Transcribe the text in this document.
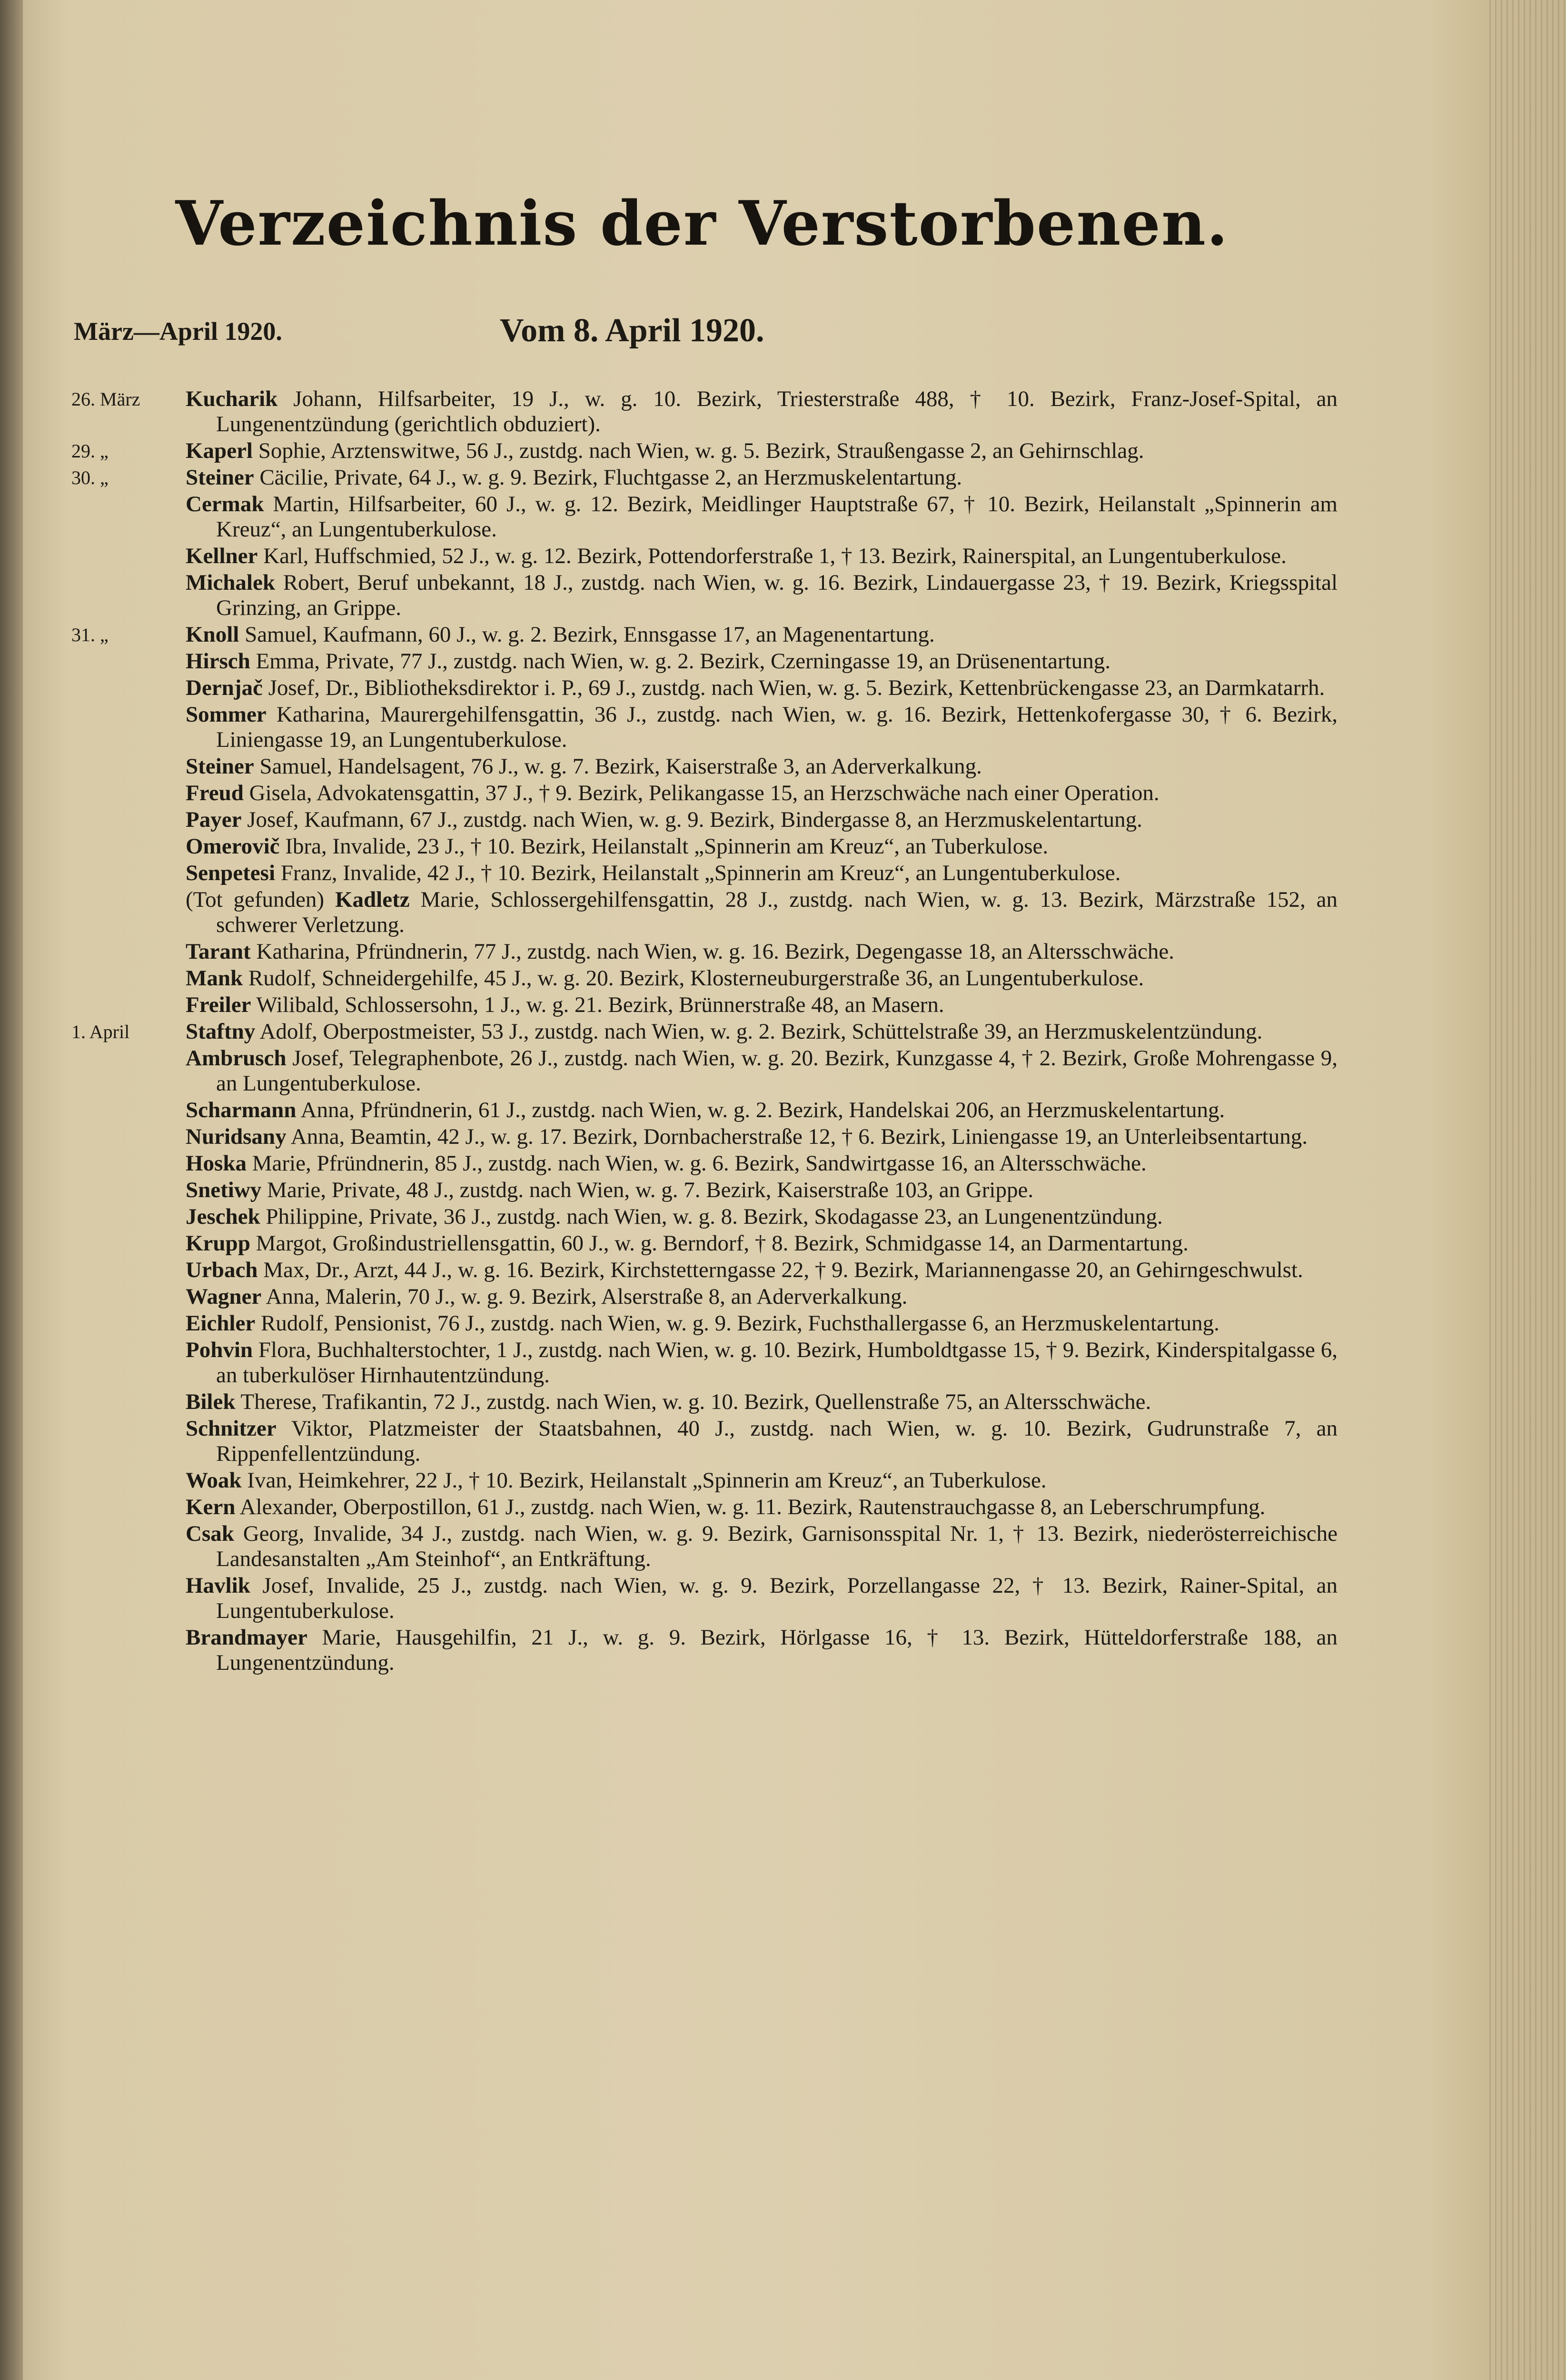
Verzeichnis der Verstorbenen.
März—April 1920.	Vom 8. April 1920.
26. März	Kucharik Johann, Hilfsarbeiter, 19 J., w. g. 10. Bezirk, Triesterstraße 488, † 10. Bezirk, Franz-Josef-Spital, an Lungenentzündung (gerichtlich obduziert).
29. „	Kaperl Sophie, Arztenswitwe, 56 J., zustdg. nach Wien, w. g. 5. Bezirk, Straußengasse 2, an Gehirnschlag.
30. „	Steiner Cäcilie, Private, 64 J., w. g. 9. Bezirk, Fluchtgasse 2, an Herzmuskelentartung.
Cermak Martin, Hilfsarbeiter, 60 J., w. g. 12. Bezirk, Meidlinger Hauptstraße 67, † 10. Bezirk, Heilanstalt „Spinnerin am Kreuz“, an Lungentuberkulose.
Kellner Karl, Huffschmied, 52 J., w. g. 12. Bezirk, Pottendorferstraße 1, † 13. Bezirk, Rainerspital, an Lungentuberkulose.
Michalek Robert, Beruf unbekannt, 18 J., zustdg. nach Wien, w. g. 16. Bezirk, Lindauergasse 23, † 19. Bezirk, Kriegsspital Grinzing, an Grippe.
31. „	Knoll Samuel, Kaufmann, 60 J., w. g. 2. Bezirk, Ennsgasse 17, an Magenentartung.
Hirsch Emma, Private, 77 J., zustdg. nach Wien, w. g. 2. Bezirk, Czerningasse 19, an Drüsenentartung.
Dernjač Josef, Dr., Bibliotheksdirektor i. P., 69 J., zustdg. nach Wien, w. g. 5. Bezirk, Kettenbrückengasse 23, an Darmkatarrh.
Sommer Katharina, Maurergehilfensgattin, 36 J., zustdg. nach Wien, w. g. 16. Bezirk, Hettenkofergasse 30, † 6. Bezirk, Liniengasse 19, an Lungentuberkulose.
Steiner Samuel, Handelsagent, 76 J., w. g. 7. Bezirk, Kaiserstraße 3, an Aderverkalkung.
Freud Gisela, Advokatensgattin, 37 J., † 9. Bezirk, Pelikangasse 15, an Herzschwäche nach einer Operation.
Payer Josef, Kaufmann, 67 J., zustdg. nach Wien, w. g. 9. Bezirk, Bindergasse 8, an Herzmuskelentartung.
Omerovič Ibra, Invalide, 23 J., † 10. Bezirk, Heilanstalt „Spinnerin am Kreuz“, an Tuberkulose.
Senpetesi Franz, Invalide, 42 J., † 10. Bezirk, Heilanstalt „Spinnerin am Kreuz“, an Lungentuberkulose.
(Tot gefunden) Kadletz Marie, Schlossergehilfensgattin, 28 J., zustdg. nach Wien, w. g. 13. Bezirk, Märzstraße 152, an schwerer Verletzung.
Tarant Katharina, Pfründnerin, 77 J., zustdg. nach Wien, w. g. 16. Bezirk, Degengasse 18, an Altersschwäche.
Mank Rudolf, Schneidergehilfe, 45 J., w. g. 20. Bezirk, Klosterneuburgerstraße 36, an Lungentuberkulose.
Freiler Wilibald, Schlossersohn, 1 J., w. g. 21. Bezirk, Brünnerstraße 48, an Masern.
1. April	Staftny Adolf, Oberpostmeister, 53 J., zustdg. nach Wien, w. g. 2. Bezirk, Schüttelstraße 39, an Herzmuskelentzündung.
Ambrusch Josef, Telegraphenbote, 26 J., zustdg. nach Wien, w. g. 20. Bezirk, Kunzgasse 4, † 2. Bezirk, Große Mohrengasse 9, an Lungentuberkulose.
Scharmann Anna, Pfründnerin, 61 J., zustdg. nach Wien, w. g. 2. Bezirk, Handelskai 206, an Herzmuskelentartung.
Nuridsany Anna, Beamtin, 42 J., w. g. 17. Bezirk, Dornbacherstraße 12, † 6. Bezirk, Liniengasse 19, an Unterleibsentartung.
Hoska Marie, Pfründnerin, 85 J., zustdg. nach Wien, w. g. 6. Bezirk, Sandwirtgasse 16, an Altersschwäche.
Snetiwy Marie, Private, 48 J., zustdg. nach Wien, w. g. 7. Bezirk, Kaiserstraße 103, an Grippe.
Jeschek Philippine, Private, 36 J., zustdg. nach Wien, w. g. 8. Bezirk, Skodagasse 23, an Lungenentzündung.
Krupp Margot, Großindustriellensgattin, 60 J., w. g. Berndorf, † 8. Bezirk, Schmidgasse 14, an Darmentartung.
Urbach Max, Dr., Arzt, 44 J., w. g. 16. Bezirk, Kirchstetterngasse 22, † 9. Bezirk, Mariannengasse 20, an Gehirngeschwulst.
Wagner Anna, Malerin, 70 J., w. g. 9. Bezirk, Alserstraße 8, an Aderverkalkung.
Eichler Rudolf, Pensionist, 76 J., zustdg. nach Wien, w. g. 9. Bezirk, Fuchsthallergasse 6, an Herzmuskelentartung.
Pohvin Flora, Buchhalterstochter, 1 J., zustdg. nach Wien, w. g. 10. Bezirk, Humboldtgasse 15, † 9. Bezirk, Kinderspitalgasse 6, an tuberkulöser Hirnhautentzündung.
Bilek Therese, Trafikantin, 72 J., zustdg. nach Wien, w. g. 10. Bezirk, Quellenstraße 75, an Altersschwäche.
Schnitzer Viktor, Platzmeister der Staatsbahnen, 40 J., zustdg. nach Wien, w. g. 10. Bezirk, Gudrunstraße 7, an Rippenfellentzündung.
Woak Ivan, Heimkehrer, 22 J., † 10. Bezirk, Heilanstalt „Spinnerin am Kreuz“, an Tuberkulose.
Kern Alexander, Oberpostillon, 61 J., zustdg. nach Wien, w. g. 11. Bezirk, Rautenstrauchgasse 8, an Leberschrumpfung.
Csak Georg, Invalide, 34 J., zustdg. nach Wien, w. g. 9. Bezirk, Garnisonsspital Nr. 1, † 13. Bezirk, niederösterreichische Landesanstalten „Am Steinhof“, an Entkräftung.
Havlik Josef, Invalide, 25 J., zustdg. nach Wien, w. g. 9. Bezirk, Porzellangasse 22, † 13. Bezirk, Rainer-Spital, an Lungentuberkulose.
Brandmayer Marie, Hausgehilfin, 21 J., w. g. 9. Bezirk, Hörlgasse 16, † 13. Bezirk, Hütteldorferstraße 188, an Lungenentzündung.
